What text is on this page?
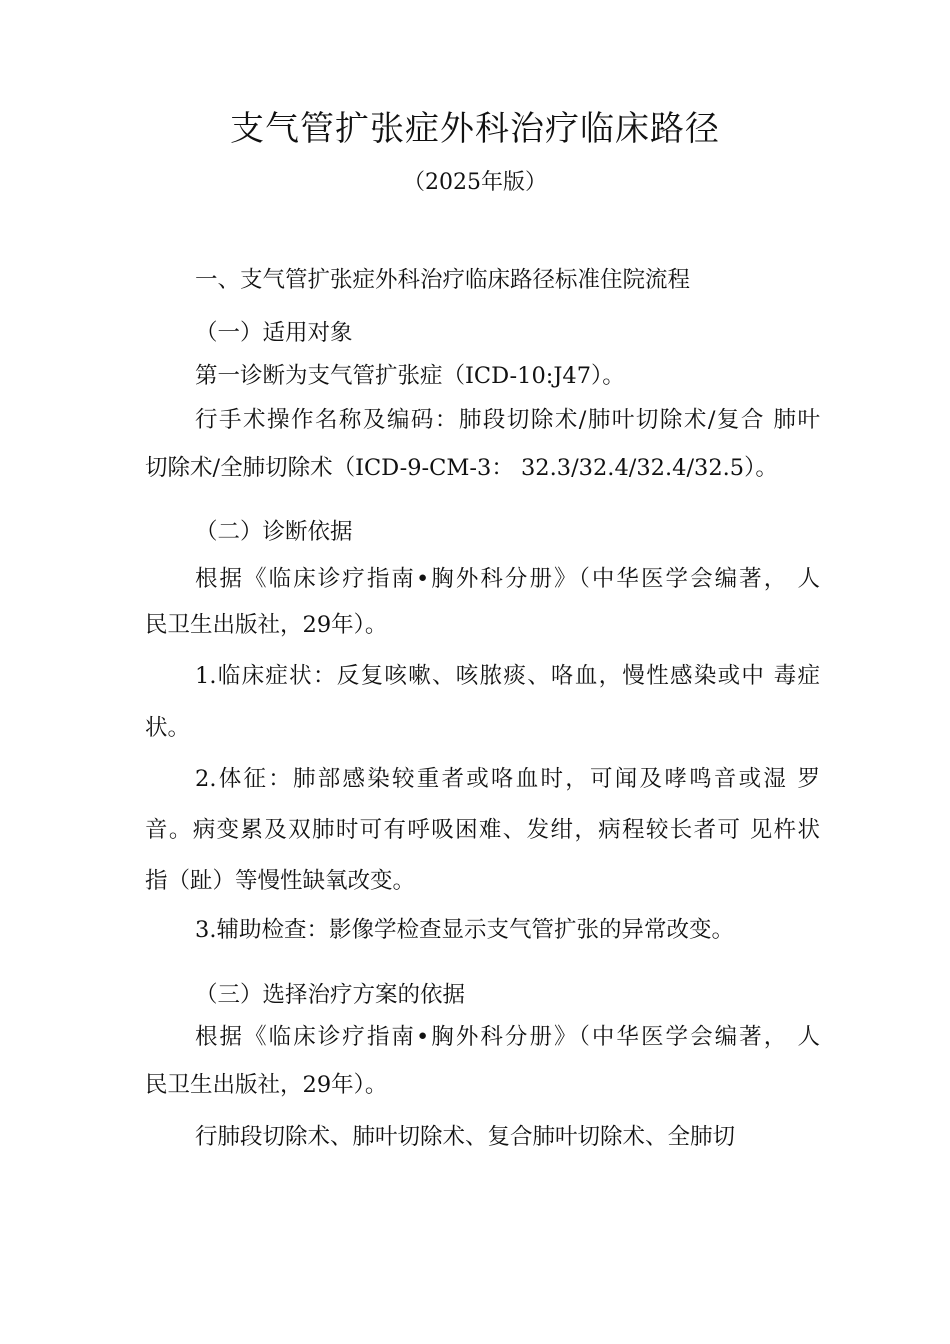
支气管扩张症外科治疗临床路径
（2025年版）
一、支气管扩张症外科治疗临床路径标准住院流程
（一）适用对象
第一诊断为支气管扩张症（ICD-10:J47）。
行手术操作名称及编码：肺段切除术/肺叶切除术/复合 肺叶
切除术/全肺切除术（ICD-9-CM-3： 32.3/32.4/32.4/32.5）。
（二）诊断依据
根据《临床诊疗指南•胸外科分册》（中华医学会编著， 人
民卫生出版社，29年）。
1.临床症状：反复咳嗽、咳脓痰、咯血，慢性感染或中 毒症
状。
2.体征：肺部感染较重者或咯血时，可闻及哮鸣音或湿 罗
音。病变累及双肺时可有呼吸困难、发绀，病程较长者可 见杵状
指（趾）等慢性缺氧改变。
3.辅助检查：影像学检查显示支气管扩张的异常改变。
（三）选择治疗方案的依据
根据《临床诊疗指南•胸外科分册》（中华医学会编著， 人
民卫生出版社，29年）。
行肺段切除术、肺叶切除术、复合肺叶切除术、全肺切
